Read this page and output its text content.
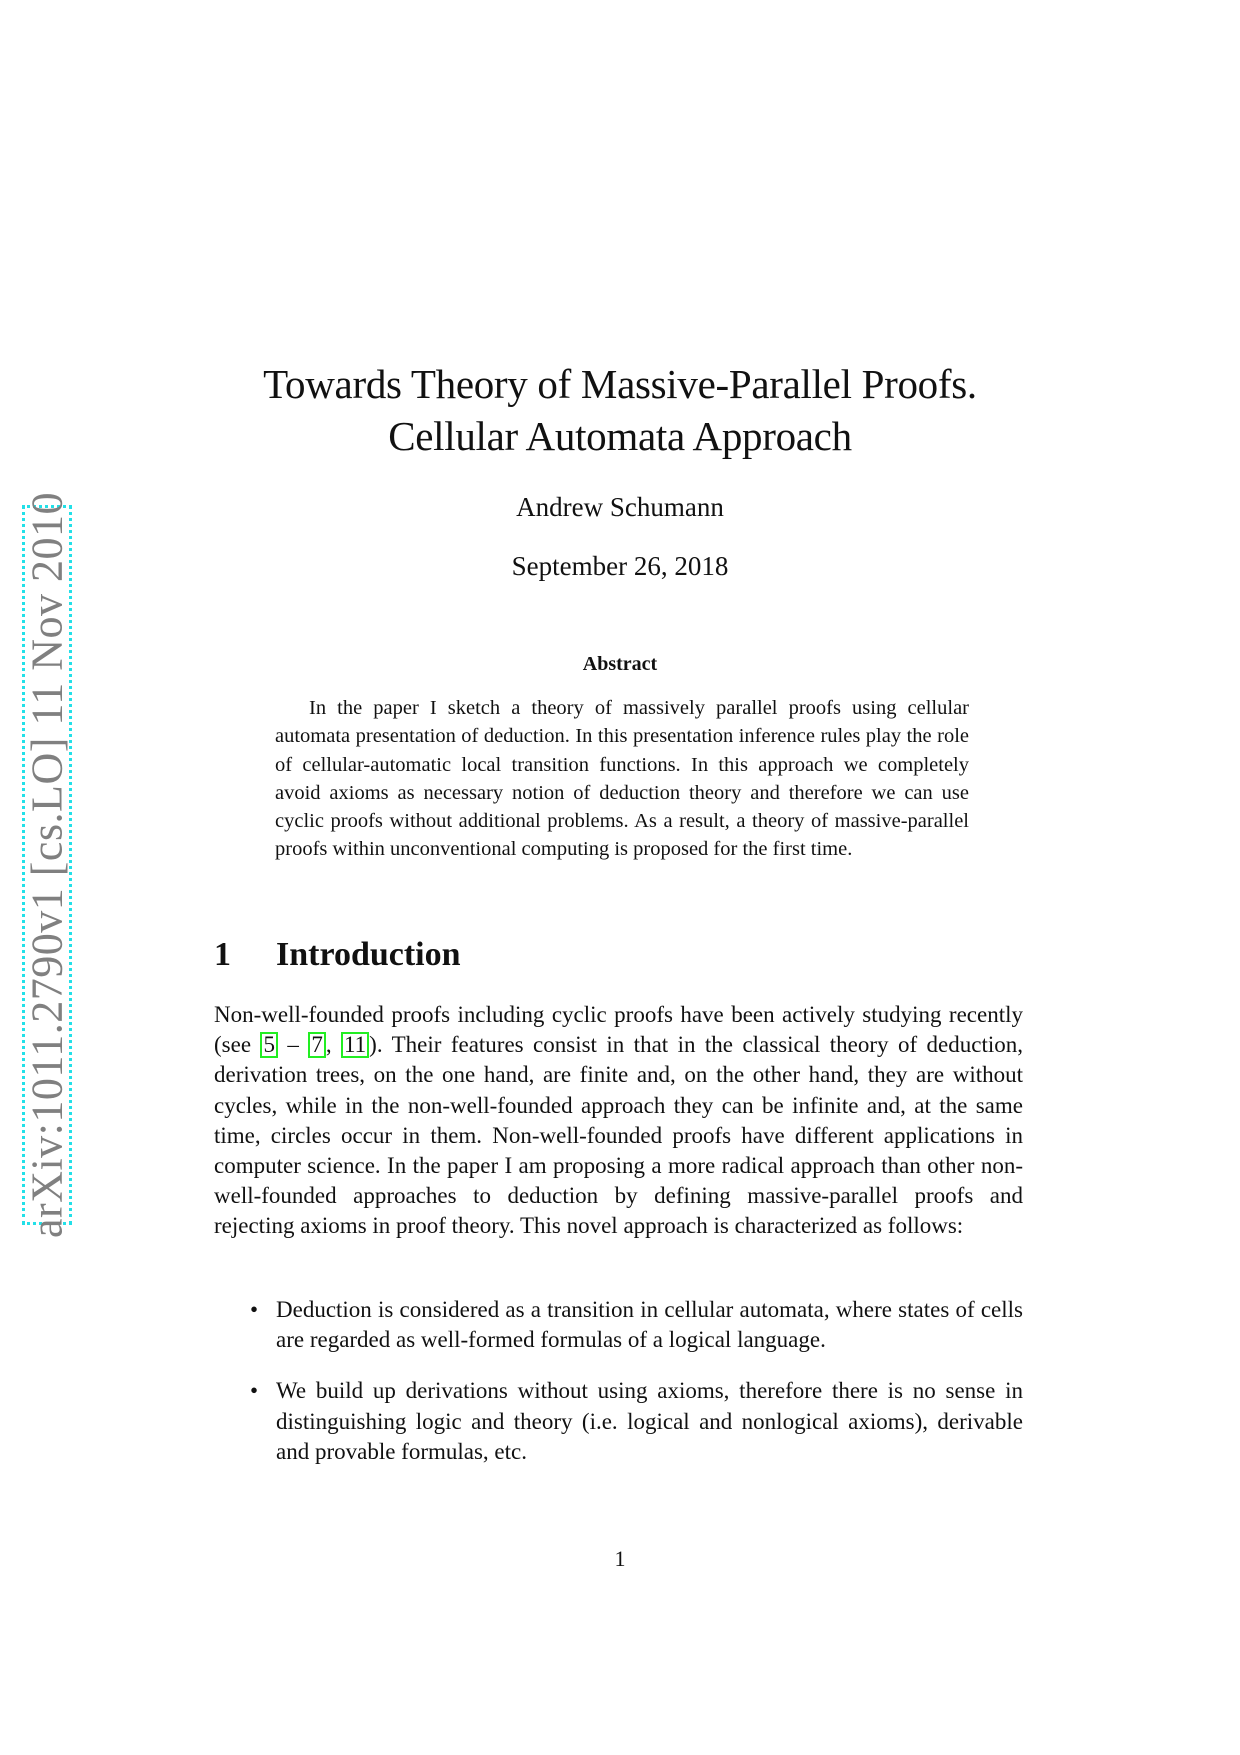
arXiv:1011.2790v1 [cs.LO] 11 Nov 2010
Towards Theory of Massive-Parallel Proofs.
Cellular Automata Approach
Andrew Schumann
September 26, 2018
Abstract
In the paper I sketch a theory of massively parallel proofs using cellular automata presentation of deduction. In this presentation inference rules play the role of cellular-automatic local transition functions. In this approach we completely avoid axioms as necessary notion of deduction theory and therefore we can use cyclic proofs without additional problems. As a result, a theory of massive-parallel proofs within unconventional computing is proposed for the first time.
1 Introduction
Non-well-founded proofs including cyclic proofs have been actively studying recently (see 5 – 7 , 11 ). Their features consist in that in the classical theory of deduction, derivation trees, on the one hand, are finite and, on the other hand, they are without cycles, while in the non-well-founded approach they can be infinite and, at the same time, circles occur in them. Non-well-founded proofs have different applications in computer science. In the paper I am proposing a more radical approach than other non-well-founded approaches to deduction by defining massive-parallel proofs and rejecting axioms in proof theory. This novel approach is characterized as follows:
• Deduction is considered as a transition in cellular automata, where states of cells are regarded as well-formed formulas of a logical language.
• We build up derivations without using axioms, therefore there is no sense in distinguishing logic and theory (i.e. logical and nonlogical axioms), derivable and provable formulas, etc.
1
